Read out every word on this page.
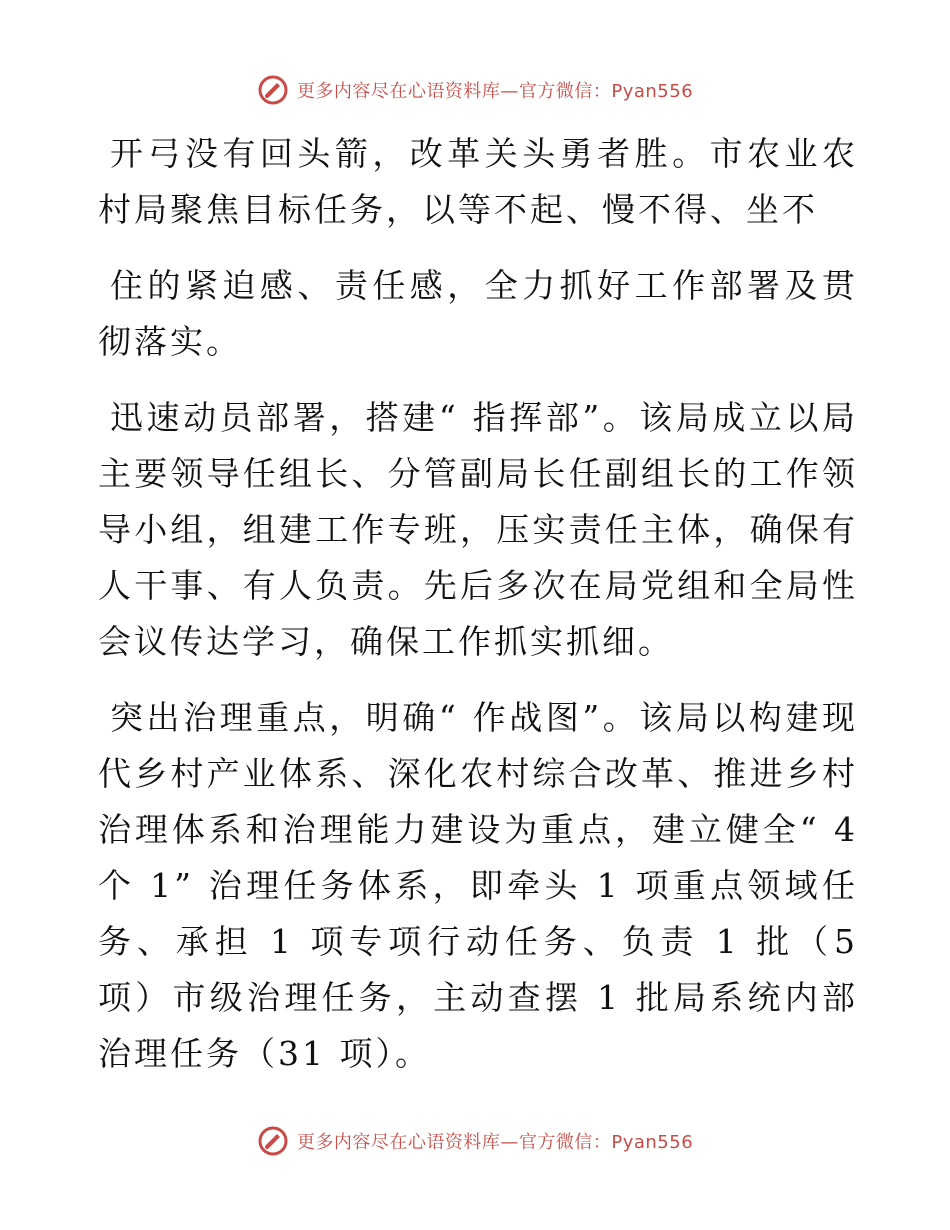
更多内容尽在心语资料库—官方微信：Pyan556

开弓没有回头箭，改革关头勇者胜。市农业农村局聚焦目标任务，以等不起、慢不得、坐不

住的紧迫感、责任感，全力抓好工作部署及贯彻落实。

迅速动员部署，搭建“ 指挥部”。该局成立以局主要领导任组长、分管副局长任副组长的工作领导小组，组建工作专班，压实责任主体，确保有人干事、有人负责。先后多次在局党组和全局性会议传达学习，确保工作抓实抓细。

突出治理重点，明确“ 作战图”。该局以构建现代乡村产业体系、深化农村综合改革、推进乡村治理体系和治理能力建设为重点，建立健全“ 4 个 1” 治理任务体系，即牵头 1 项重点领域任务、承担 1 项专项行动任务、负责 1 批（5 项）市级治理任务，主动查摆 1 批局系统内部治理任务（31 项）。

更多内容尽在心语资料库—官方微信：Pyan556
